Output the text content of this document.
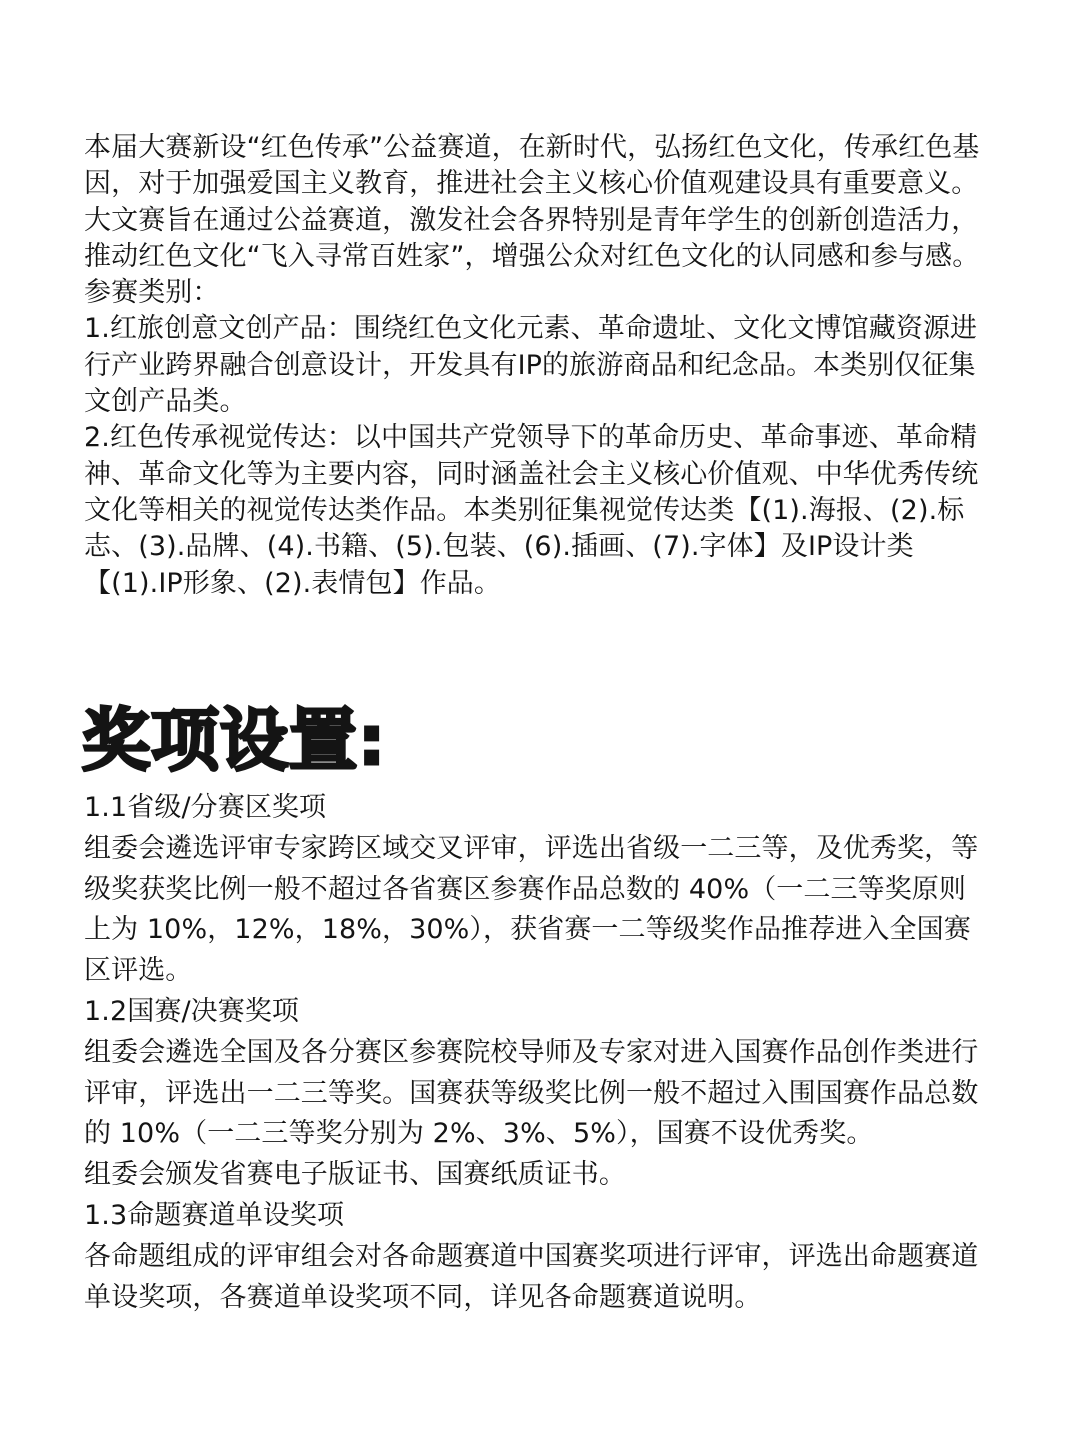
本届大赛新设“红色传承”公益赛道，在新时代，弘扬红色文化，传承红色基因，对于加强爱国主义教育，推进社会主义核心价值观建设具有重要意义。大文赛旨在通过公益赛道，激发社会各界特别是青年学生的创新创造活力，推动红色文化“飞入寻常百姓家”，增强公众对红色文化的认同感和参与感。

参赛类别：

1.红旅创意文创产品：围绕红色文化元素、革命遗址、文化文博馆藏资源进行产业跨界融合创意设计，开发具有IP的旅游商品和纪念品。本类别仅征集文创产品类。

2.红色传承视觉传达：以中国共产党领导下的革命历史、革命事迹、革命精神、革命文化等为主要内容，同时涵盖社会主义核心价值观、中华优秀传统文化等相关的视觉传达类作品。本类别征集视觉传达类【(1).海报、(2).标志、(3).品牌、(4).书籍、(5).包装、(6).插画、(7).字体】及IP设计类【(1).IP形象、(2).表情包】作品。

奖项设置:

1.1省级/分赛区奖项

组委会遴选评审专家跨区域交叉评审，评选出省级一二三等，及优秀奖，等级奖获奖比例一般不超过各省赛区参赛作品总数的 40%（一二三等奖原则上为 10%，12%，18%，30%），获省赛一二等级奖作品推荐进入全国赛区评选。

1.2国赛/决赛奖项

组委会遴选全国及各分赛区参赛院校导师及专家对进入国赛作品创作类进行评审，评选出一二三等奖。国赛获等级奖比例一般不超过入围国赛作品总数的 10%（一二三等奖分别为 2%、3%、5%），国赛不设优秀奖。

组委会颁发省赛电子版证书、国赛纸质证书。

1.3命题赛道单设奖项

各命题组成的评审组会对各命题赛道中国赛奖项进行评审，评选出命题赛道单设奖项，各赛道单设奖项不同，详见各命题赛道说明。
